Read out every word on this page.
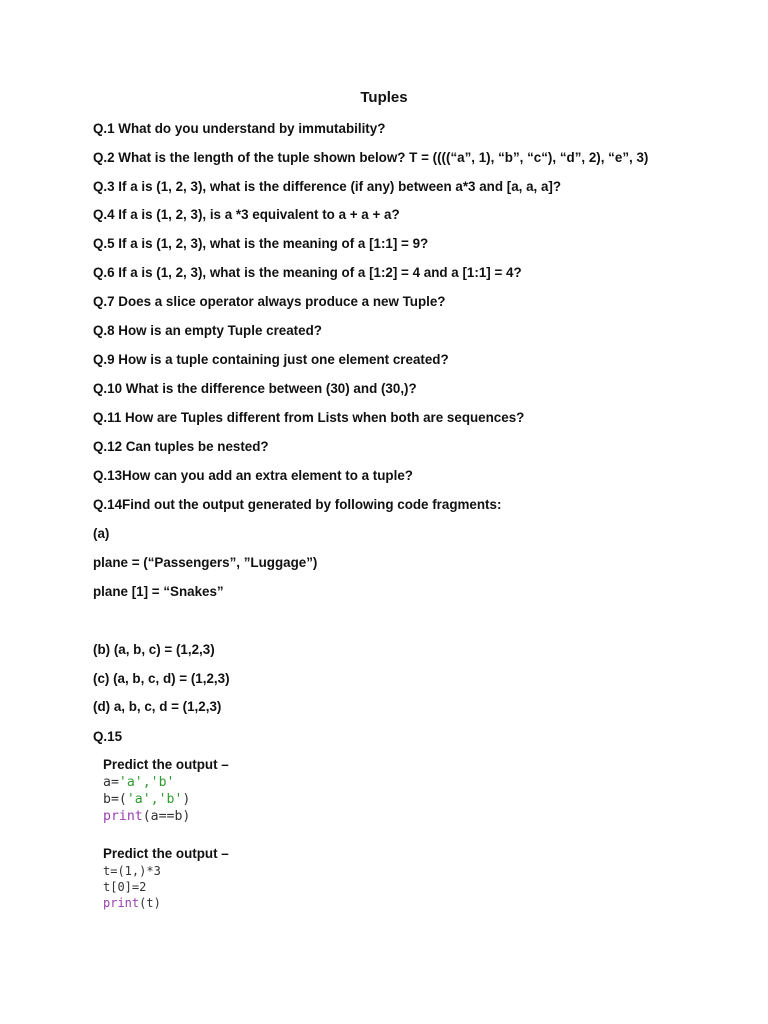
Tuples
Q.1 What do you understand by immutability?
Q.2 What is the length of the tuple shown below? T = ((((“a”, 1), “b”, “c“), “d”, 2), “e”, 3)
Q.3 If a is (1, 2, 3), what is the difference (if any) between a*3 and [a, a, a]?
Q.4 If a is (1, 2, 3), is a *3 equivalent to a + a + a?
Q.5 If a is (1, 2, 3), what is the meaning of a [1:1] = 9?
Q.6 If a is (1, 2, 3), what is the meaning of a [1:2] = 4 and a [1:1] = 4?
Q.7 Does a slice operator always produce a new Tuple?
Q.8 How is an empty Tuple created?
Q.9 How is a tuple containing just one element created?
Q.10 What is the difference between (30) and (30,)?
Q.11 How are Tuples different from Lists when both are sequences?
Q.12 Can tuples be nested?
Q.13How can you add an extra element to a tuple?
Q.14Find out the output generated by following code fragments:
(a)
plane = (“Passengers”, ”Luggage”)
plane [1] = “Snakes”
(b) (a, b, c) = (1,2,3)
(c) (a, b, c, d) = (1,2,3)
(d) a, b, c, d = (1,2,3)
Q.15
Predict the output –
a='a','b'
b=('a','b')
print(a==b)
Predict the output –
t=(1,)*3
t[0]=2
print(t)
